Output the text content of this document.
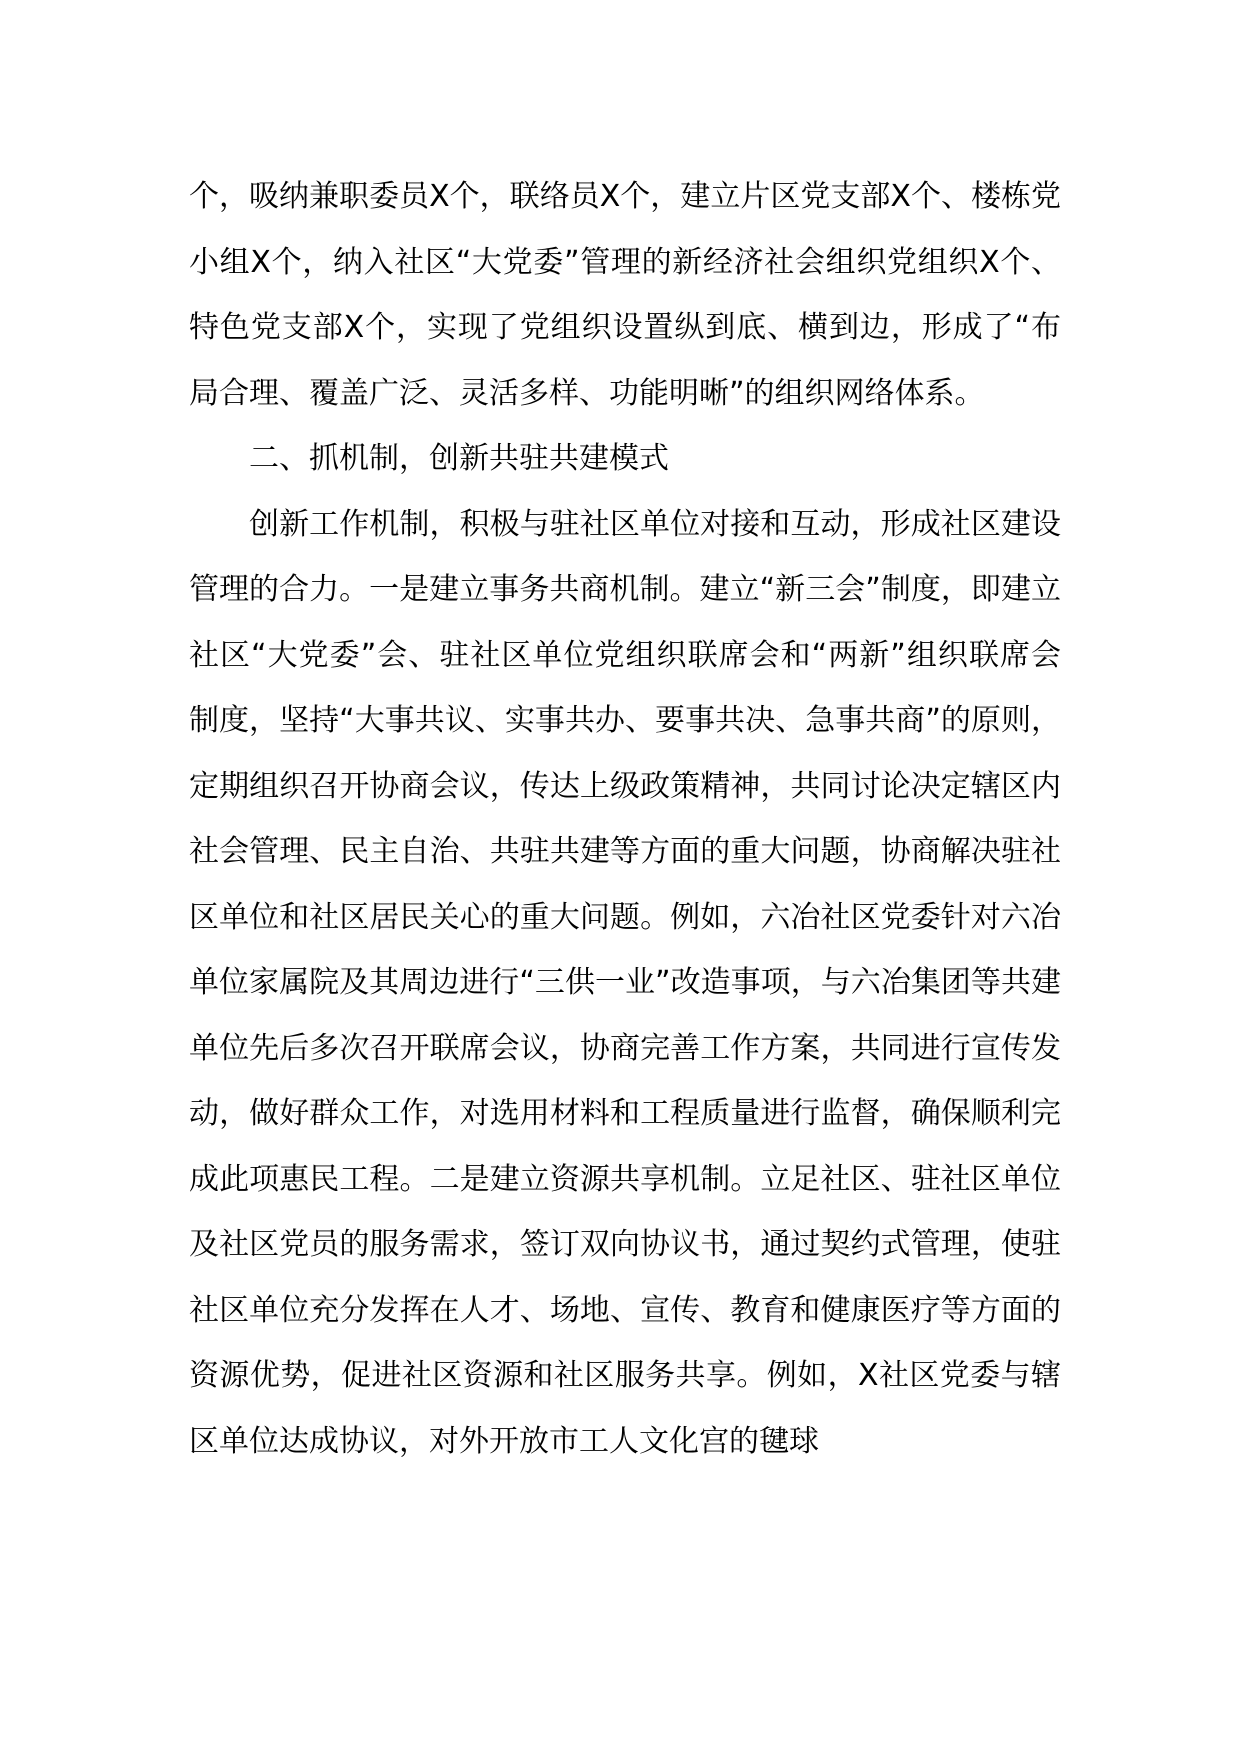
个，吸纳兼职委员X个，联络员X个，建立片区党支部X个、楼栋党小组X个，纳入社区“大党委”管理的新经济社会组织党组织X个、特色党支部X个，实现了党组织设置纵到底、横到边，形成了“布局合理、覆盖广泛、灵活多样、功能明晰”的组织网络体系。

二、抓机制，创新共驻共建模式

创新工作机制，积极与驻社区单位对接和互动，形成社区建设管理的合力。一是建立事务共商机制。建立“新三会”制度，即建立社区“大党委”会、驻社区单位党组织联席会和“两新”组织联席会制度，坚持“大事共议、实事共办、要事共决、急事共商”的原则，定期组织召开协商会议，传达上级政策精神，共同讨论决定辖区内社会管理、民主自治、共驻共建等方面的重大问题，协商解决驻社区单位和社区居民关心的重大问题。例如，六冶社区党委针对六冶单位家属院及其周边进行“三供一业”改造事项，与六冶集团等共建单位先后多次召开联席会议，协商完善工作方案，共同进行宣传发动，做好群众工作，对选用材料和工程质量进行监督，确保顺利完成此项惠民工程。二是建立资源共享机制。立足社区、驻社区单位及社区党员的服务需求，签订双向协议书，通过契约式管理，使驻社区单位充分发挥在人才、场地、宣传、教育和健康医疗等方面的资源优势，促进社区资源和社区服务共享。例如，X社区党委与辖区单位达成协议，对外开放市工人文化宫的毽球
